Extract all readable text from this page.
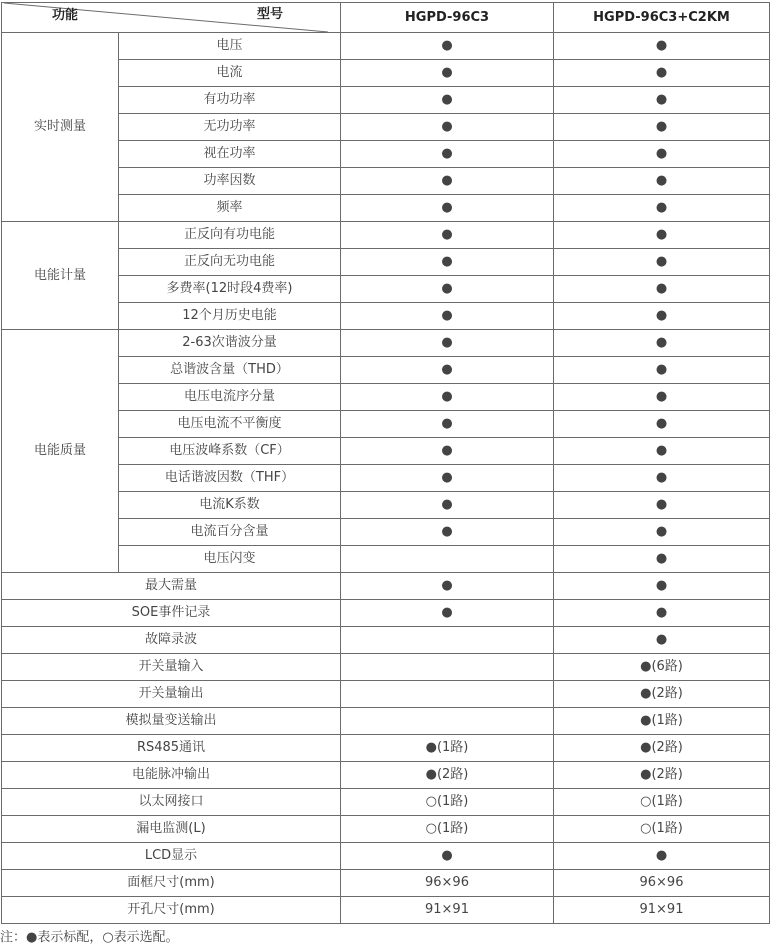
功能 型号		HGPD-96C3	HGPD-96C3+C2KM
实时测量	电压	●	●
	电流	●	●
	有功功率	●	●
	无功功率	●	●
	视在功率	●	●
	功率因数	●	●
	频率	●	●
电能计量	正反向有功电能	●	●
	正反向无功电能	●	●
	多费率(12时段4费率)	●	●
	12个月历史电能	●	●
电能质量	2-63次谐波分量	●	●
	总谐波含量（THD）	●	●
	电压电流序分量	●	●
	电压电流不平衡度	●	●
	电压波峰系数（CF）	●	●
	电话谐波因数（THF）	●	●
	电流K系数	●	●
	电流百分含量	●	●
	电压闪变		●
最大需量		●	●
SOE事件记录		●	●
故障录波			●
开关量输入			●(6路)
开关量输出			●(2路)
模拟量变送输出			●(1路)
RS485通讯		●(1路)	●(2路)
电能脉冲输出		●(2路)	●(2路)
以太网接口		○(1路)	○(1路)
漏电监测(L)		○(1路)	○(1路)
LCD显示		●	●
面框尺寸(mm)		96×96	96×96
开孔尺寸(mm)		91×91	91×91
注：●表示标配，○表示选配。
